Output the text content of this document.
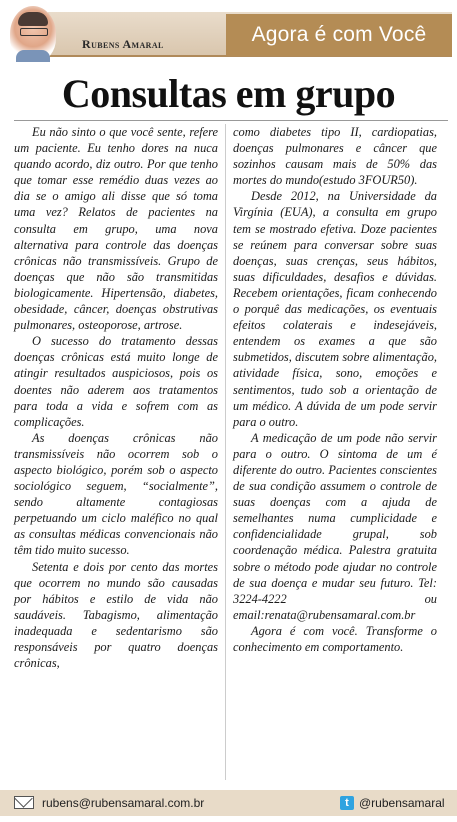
Rubens Amaral	Agora é com Você
Consultas em grupo

Eu não sinto o que você sente, refere um paciente. Eu tenho dores na nuca quando acordo, diz outro. Por que tenho que tomar esse remédio duas vezes ao dia se o amigo ali disse que só toma uma vez? Relatos de pacientes na consulta em grupo, uma nova alternativa para controle das doenças crônicas não transmissíveis. Grupo de doenças que não são transmitidas biologicamente. Hipertensão, diabetes, obesidade, câncer, doenças obstrutivas pulmonares, osteoporose, artrose.

O sucesso do tratamento dessas doenças crônicas está muito longe de atingir resultados auspiciosos, pois os doentes não aderem aos tratamentos para toda a vida e sofrem com as complicações.

As doenças crônicas não transmissíveis não ocorrem sob o aspecto biológico, porém sob o aspecto sociológico seguem, “socialmente”, sendo altamente contagiosas perpetuando um ciclo maléfico no qual as consultas médicas convencionais não têm tido muito sucesso.

Setenta e dois por cento das mortes que ocorrem no mundo são causadas por hábitos e estilo de vida não saudáveis. Tabagismo, alimentação inadequada e sedentarismo são responsáveis por quatro doenças crônicas,

como diabetes tipo II, cardiopatias, doenças pulmonares e câncer que sozinhos causam mais de 50% das mortes do mundo(estudo 3FOUR50).

Desde 2012, na Universidade da Virgínia (EUA), a consulta em grupo tem se mostrado efetiva. Doze pacientes se reúnem para conversar sobre suas doenças, suas crenças, seus hábitos, suas dificuldades, desafios e dúvidas. Recebem orientações, ficam conhecendo o porquê das medicações, os eventuais efeitos colaterais e indesejáveis, entendem os exames a que são submetidos, discutem sobre alimentação, atividade física, sono, emoções e sentimentos, tudo sob a orientação de um médico. A dúvida de um pode servir para o outro.

A medicação de um pode não servir para o outro. O sintoma de um é diferente do outro. Pacientes conscientes de sua condição assumem o controle de suas doenças com a ajuda de semelhantes numa cumplicidade e confidencialidade grupal, sob coordenação médica. Palestra gratuita sobre o método pode ajudar no controle de sua doença e mudar seu futuro. Tel: 3224-4222 ou email:renata@rubensamaral.com.br

Agora é com você. Transforme o conhecimento em comportamento.

rubens@rubensamaral.com.br	t @rubensamaral
